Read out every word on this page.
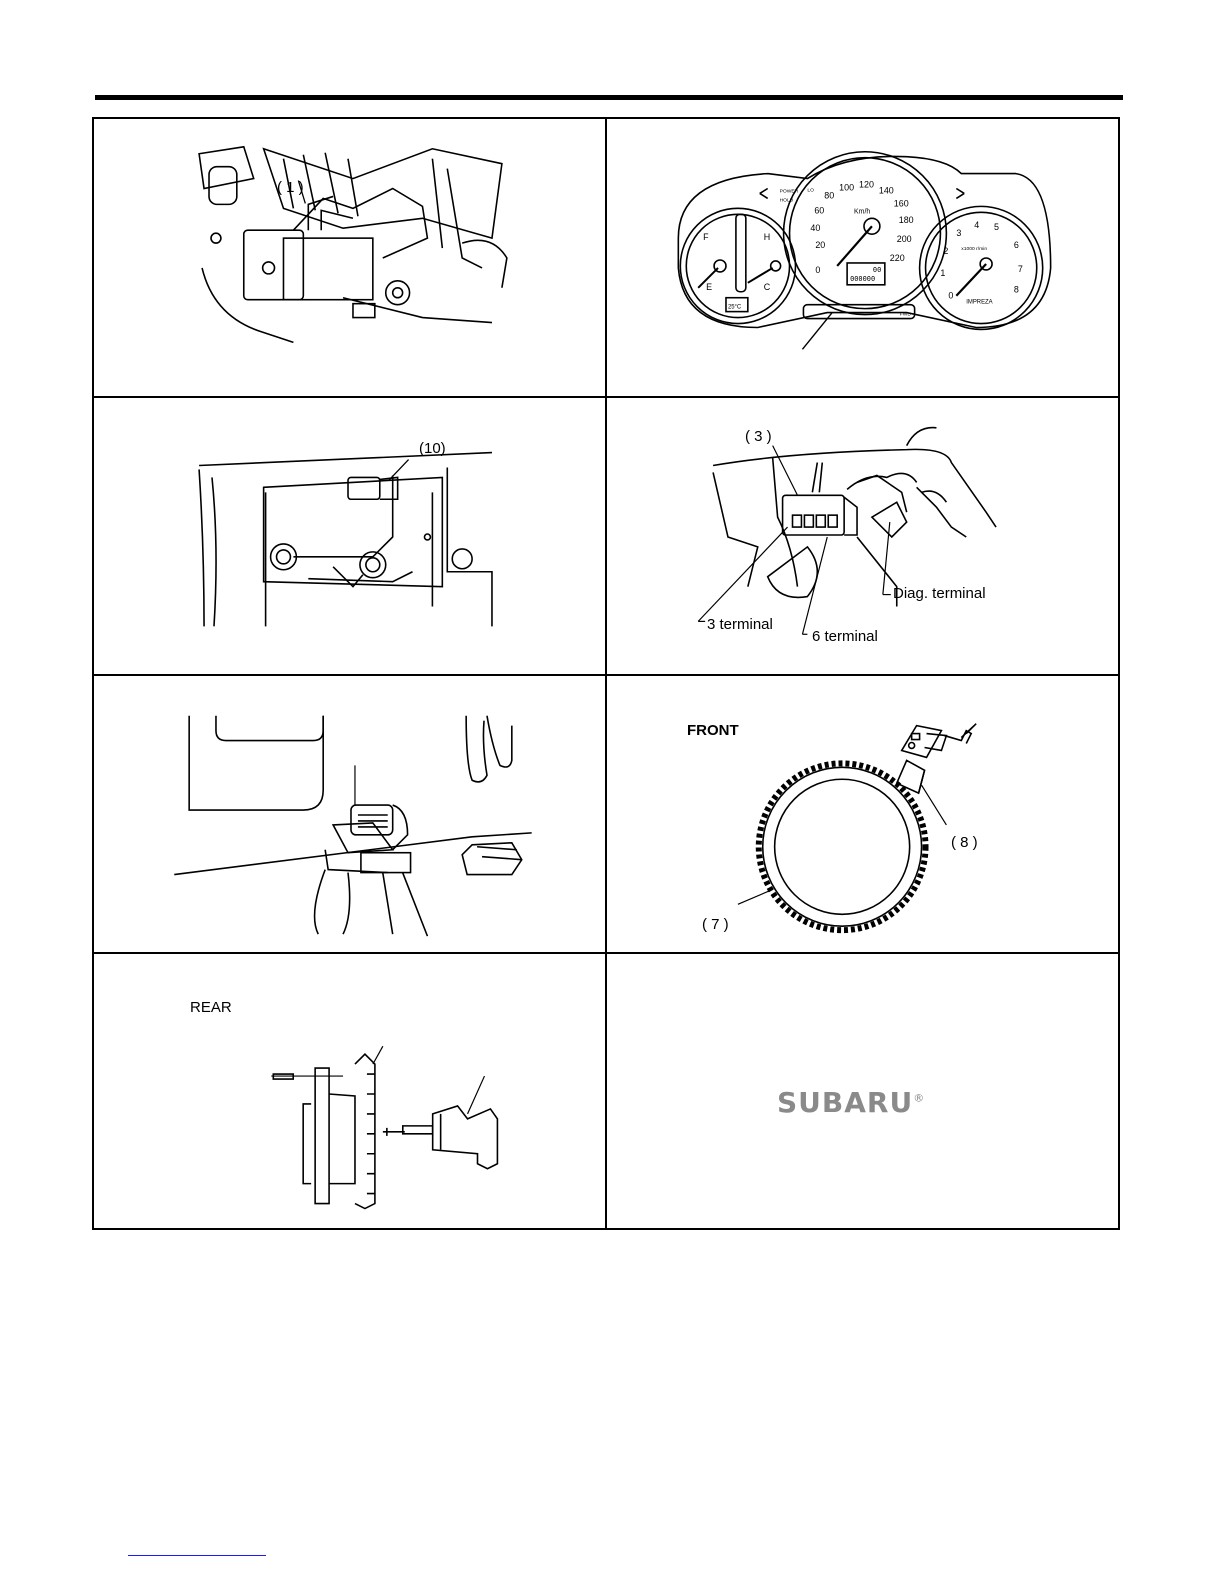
( 1 )
0
20
40
60
80
100 120
140
160
180
200
220
Km/h
0
1
2
3
4 5
6
7
8
x1000 r/min
IMPREZA
F
E
H
C
000000
00
25°C
FWD
POWER
HOLD
LO
(10)
( 3 )
Diag. terminal
3 terminal
6 terminal
FRONT
( 8 )
( 7 )
REAR
SUBARU®
